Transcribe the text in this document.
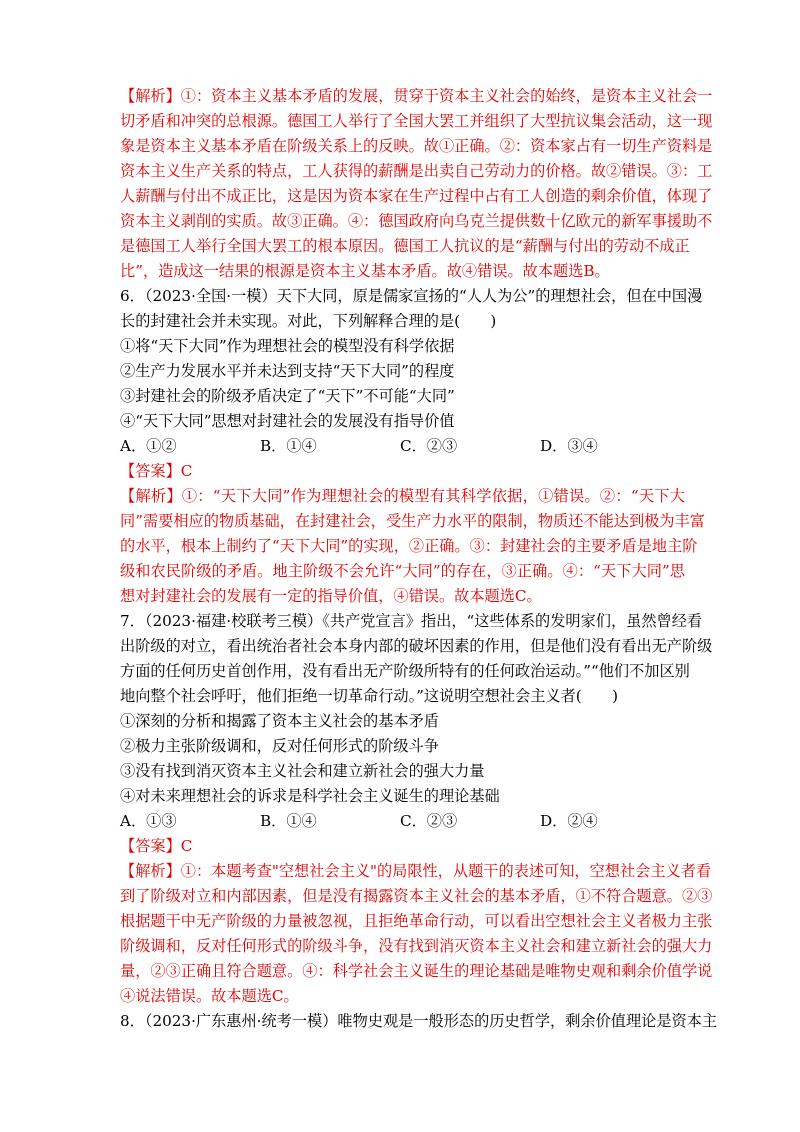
【解析】①：资本主义基本矛盾的发展，贯穿于资本主义社会的始终，是资本主义社会一
切矛盾和冲突的总根源。德国工人举行了全国大罢工并组织了大型抗议集会活动，这一现
象是资本主义基本矛盾在阶级关系上的反映。故①正确。②：资本家占有一切生产资料是
资本主义生产关系的特点，工人获得的薪酬是出卖自己劳动力的价格。故②错误。③：工
人薪酬与付出不成正比，这是因为资本家在生产过程中占有工人创造的剩余价值，体现了
资本主义剥削的实质。故③正确。④：德国政府向乌克兰提供数十亿欧元的新军事援助不
是德国工人举行全国大罢工的根本原因。德国工人抗议的是“薪酬与付出的劳动不成正
比”，造成这一结果的根源是资本主义基本矛盾。故④错误。故本题选B。
6．（2023·全国·一模）天下大同，原是儒家宣扬的“人人为公”的理想社会，但在中国漫
长的封建社会并未实现。对此，下列解释合理的是(　　)
①将“天下大同”作为理想社会的模型没有科学依据
②生产力发展水平并未达到支持“天下大同”的程度
③封建社会的阶级矛盾决定了“天下”不可能“大同”
④“天下大同”思想对封建社会的发展没有指导价值
A．①②	B．①④	C．②③	D．③④
【答案】C
【解析】①：“天下大同”作为理想社会的模型有其科学依据，①错误。②：“天下大
同”需要相应的物质基础，在封建社会，受生产力水平的限制，物质还不能达到极为丰富
的水平，根本上制约了“天下大同”的实现，②正确。③：封建社会的主要矛盾是地主阶
级和农民阶级的矛盾。地主阶级不会允许“大同”的存在，③正确。④：“天下大同”思
想对封建社会的发展有一定的指导价值，④错误。故本题选C。
7．（2023·福建·校联考三模）《共产党宣言》指出，“这些体系的发明家们，虽然曾经看
出阶级的对立，看出统治者社会本身内部的破坏因素的作用，但是他们没有看出无产阶级
方面的任何历史首创作用，没有看出无产阶级所特有的任何政治运动。”“他们不加区别
地向整个社会呼吁，他们拒绝一切革命行动。”这说明空想社会主义者(　　)
①深刻的分析和揭露了资本主义社会的基本矛盾
②极力主张阶级调和，反对任何形式的阶级斗争
③没有找到消灭资本主义社会和建立新社会的强大力量
④对未来理想社会的诉求是科学社会主义诞生的理论基础
A．①③	B．①④	C．②③	D．②④
【答案】C
【解析】①：本题考查"空想社会主义"的局限性，从题干的表述可知，空想社会主义者看
到了阶级对立和内部因素，但是没有揭露资本主义社会的基本矛盾，①不符合题意。②③
根据题干中无产阶级的力量被忽视，且拒绝革命行动，可以看出空想社会主义者极力主张
阶级调和，反对任何形式的阶级斗争，没有找到消灭资本主义社会和建立新社会的强大力
量，②③正确且符合题意。④：科学社会主义诞生的理论基础是唯物史观和剩余价值学说
④说法错误。故本题选C。
8．（2023·广东惠州·统考一模）唯物史观是一般形态的历史哲学，剩余价值理论是资本主
